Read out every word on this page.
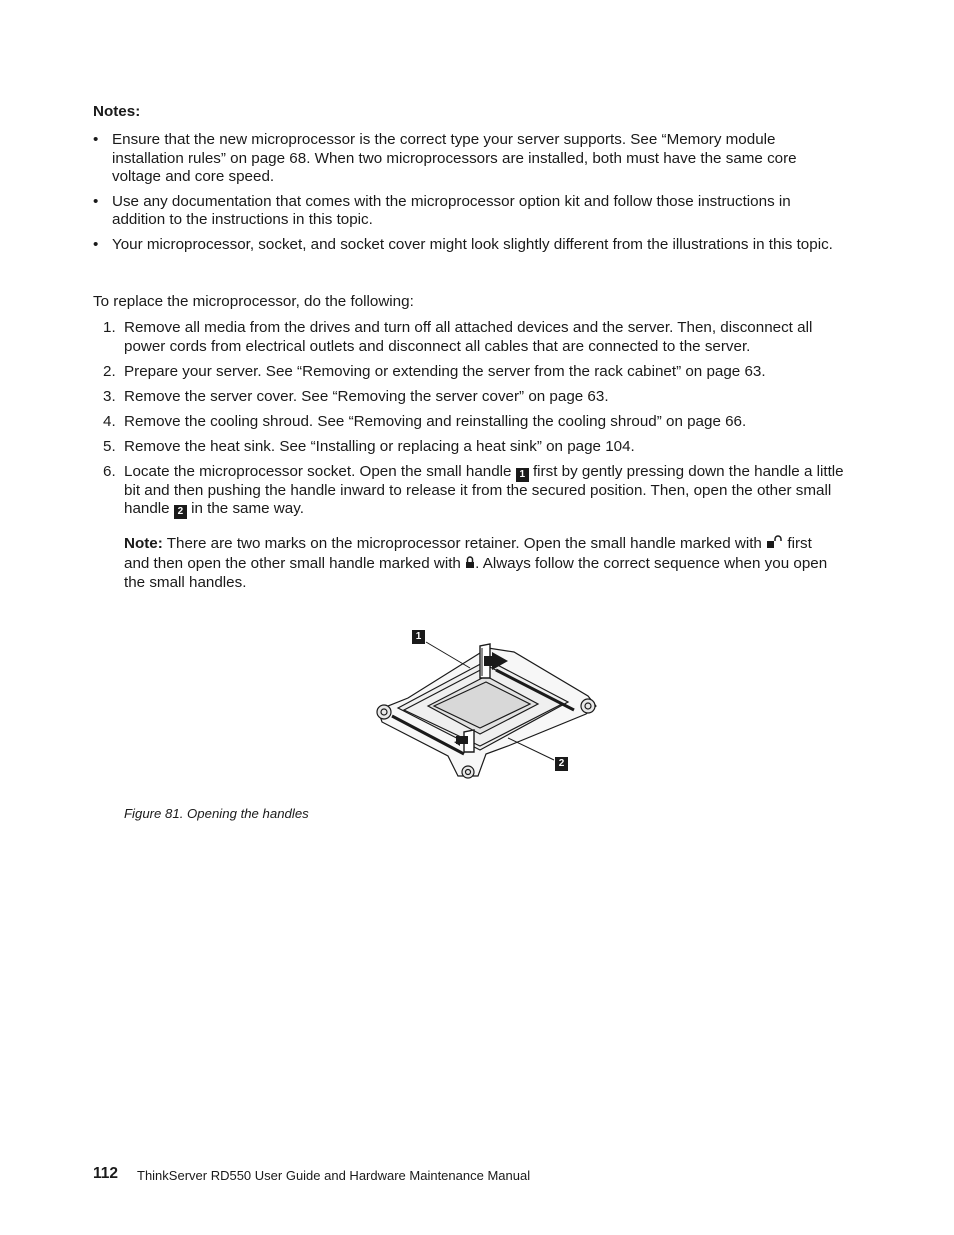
Notes:
• Ensure that the new microprocessor is the correct type your server supports. See “Memory module installation rules” on page 68. When two microprocessors are installed, both must have the same core voltage and core speed.
• Use any documentation that comes with the microprocessor option kit and follow those instructions in addition to the instructions in this topic.
• Your microprocessor, socket, and socket cover might look slightly different from the illustrations in this topic.
To replace the microprocessor, do the following:
1. Remove all media from the drives and turn off all attached devices and the server. Then, disconnect all power cords from electrical outlets and disconnect all cables that are connected to the server.
2. Prepare your server. See “Removing or extending the server from the rack cabinet” on page 63.
3. Remove the server cover. See “Removing the server cover” on page 63.
4. Remove the cooling shroud. See “Removing and reinstalling the cooling shroud” on page 66.
5. Remove the heat sink. See “Installing or replacing a heat sink” on page 104.
6. Locate the microprocessor socket. Open the small handle 1 first by gently pressing down the handle a little bit and then pushing the handle inward to release it from the secured position. Then, open the other small handle 2 in the same way.
Note: There are two marks on the microprocessor retainer. Open the small handle marked with first and then open the other small handle marked with . Always follow the correct sequence when you open the small handles.
1
2
Figure 81. Opening the handles
112 ThinkServer RD550 User Guide and Hardware Maintenance Manual
